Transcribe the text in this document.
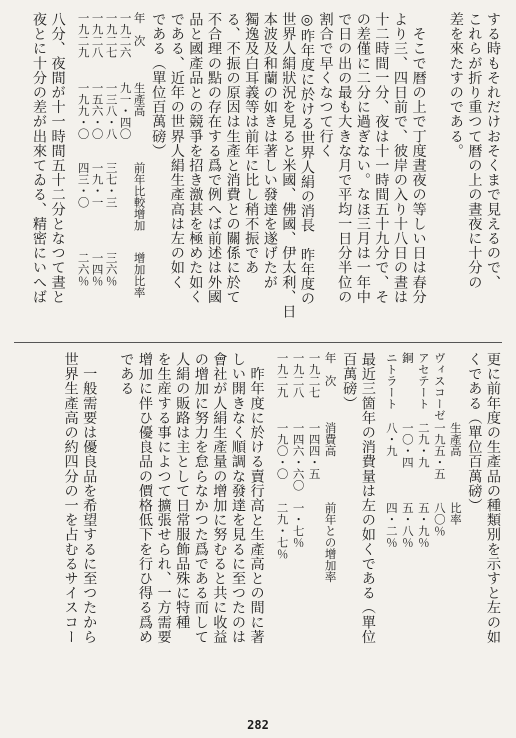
年　次
生產高
前年比較增加
增加比率
一九二六
九一・四〇
一九二七
一三八・八
三七・三
三六％
一九二八
一五六・〇
一九・一
一四％
一九二九
一九九・〇
四三・〇
二六％	する時もそれだけおそくまで見えるので、
これらが折り重つて暦の上の晝夜に十分の
差を來たすのである。
　そこで暦の上で丁度晝夜の等しい日は春分
より三、四日前で、彼岸の入り十八日の晝は
十二時間一分、夜は十一時間五十九分で、そ
の差僅に二分に過ぎない。なほ三月は一年中
で日の出の最も大きな月で平均一日分半位の
割合で早くなつて行く
◎昨年度に於ける世界人絹の消長　昨年度の
世界人絹狀況を見ると米國、佛國、伊太利、日
本波及和蘭の如きは著しい發達を遂げたが
獨逸及白耳義等は前年に比し稍不振であ
る、不振の原因は生產と消費との關係に於て
不合理の點の存在する爲で例へば前述は外國
品と國產品との競爭を招き激甚を極めた如く
である、近年の世界人絹生產高は左の如く
である（單位百萬磅）
八分、夜間が十一時間五十二分となつて晝と
夜とに十分の差が出來てゐる、精密にいへば
生產高
比率
ヴィスコーゼ
一九五・五
八〇％
アセテート
二九・九
五・九％
銅
一〇・四
五・八％
ニトラート
八・九
四・二％
年　次
消費高
前年との增加率
一九二七
一四四・五
一九二八
一四六・六〇
一・七％
一九二九
一九〇・〇
二九・七％	更に前年度の生產品の種類別を示すと左の如
くである（單位百萬磅）
最近三箇年の消費量は左の如くである（單位
百萬磅）
　昨年度に於ける賣行高と生產高との間に著
しい開きなく順調な發達を見るに至つたのは
會社が人絹生產量の增加に努むると共に收益
の增加に努力を怠らなかつた爲である而して
人絹の販路は主として日常服飾品殊に特種
を生産する事によつて擴張せられ、一方需要
增加に伴ひ優良品の價格低下を行ひ得る爲め
である
　一般需要は優良品を希望するに至つたから
世界生產高の約四分の一を占むるサイスコー
282
